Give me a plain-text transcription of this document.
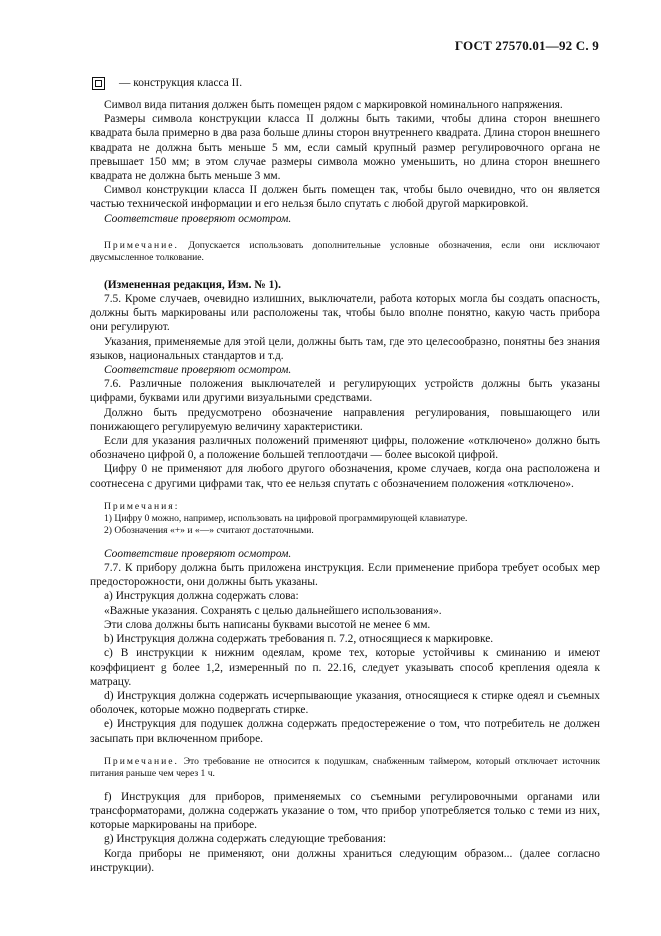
ГОСТ 27570.01—92 С. 9
— конструкция класса II.

Символ вида питания должен быть помещен рядом с маркировкой номинального напряжения.

Размеры символа конструкции класса II должны быть такими, чтобы длина сторон внешнего квадрата была примерно в два раза больше длины сторон внутреннего квадрата. Длина сторон внешнего квадрата не должна быть меньше 5 мм, если самый крупный размер регулировочного органа не превышает 150 мм; в этом случае размеры символа можно уменьшить, но длина сторон внешнего квадрата не должна быть меньше 3 мм.

Символ конструкции класса II должен быть помещен так, чтобы было очевидно, что он является частью технической информации и его нельзя было спутать с любой другой маркировкой.

Соответствие проверяют осмотром.

Примечание. Допускается использовать дополнительные условные обозначения, если они исключают двусмысленное толкование.

(Измененная редакция, Изм. № 1).

7.5. Кроме случаев, очевидно излишних, выключатели, работа которых могла бы создать опасность, должны быть маркированы или расположены так, чтобы было вполне понятно, какую часть прибора они регулируют.

Указания, применяемые для этой цели, должны быть там, где это целесообразно, понятны без знания языков, национальных стандартов и т.д.

Соответствие проверяют осмотром.

7.6. Различные положения выключателей и регулирующих устройств должны быть указаны цифрами, буквами или другими визуальными средствами.

Должно быть предусмотрено обозначение направления регулирования, повышающего или понижающего регулируемую величину характеристики.

Если для указания различных положений применяют цифры, положение «отключено» должно быть обозначено цифрой 0, а положение большей теплоотдачи — более высокой цифрой.

Цифру 0 не применяют для любого другого обозначения, кроме случаев, когда она расположена и соотнесена с другими цифрами так, что ее нельзя спутать с обозначением положения «отключено».

Примечания:

1) Цифру 0 можно, например, использовать на цифровой программирующей клавиатуре.

2) Обозначения «+» и «—» считают достаточными.

Соответствие проверяют осмотром.

7.7. К прибору должна быть приложена инструкция. Если применение прибора требует особых мер предосторожности, они должны быть указаны.

а) Инструкция должна содержать слова:

«Важные указания. Сохранять с целью дальнейшего использования».

Эти слова должны быть написаны буквами высотой не менее 6 мм.

b) Инструкция должна содержать требования п. 7.2, относящиеся к маркировке.

c) В инструкции к нижним одеялам, кроме тех, которые устойчивы к сминанию и имеют коэффициент g более 1,2, измеренный по п. 22.16, следует указывать способ крепления одеяла к матрацу.

d) Инструкция должна содержать исчерпывающие указания, относящиеся к стирке одеял и съемных оболочек, которые можно подвергать стирке.

e) Инструкция для подушек должна содержать предостережение о том, что потребитель не должен засыпать при включенном приборе.

Примечание. Это требование не относится к подушкам, снабженным таймером, который отключает источник питания раньше чем через 1 ч.

f) Инструкция для приборов, применяемых со съемными регулировочными органами или трансформаторами, должна содержать указание о том, что прибор употребляется только с теми из них, которые маркированы на приборе.

g) Инструкция должна содержать следующие требования:

Когда приборы не применяют, они должны храниться следующим образом... (далее согласно инструкции).
